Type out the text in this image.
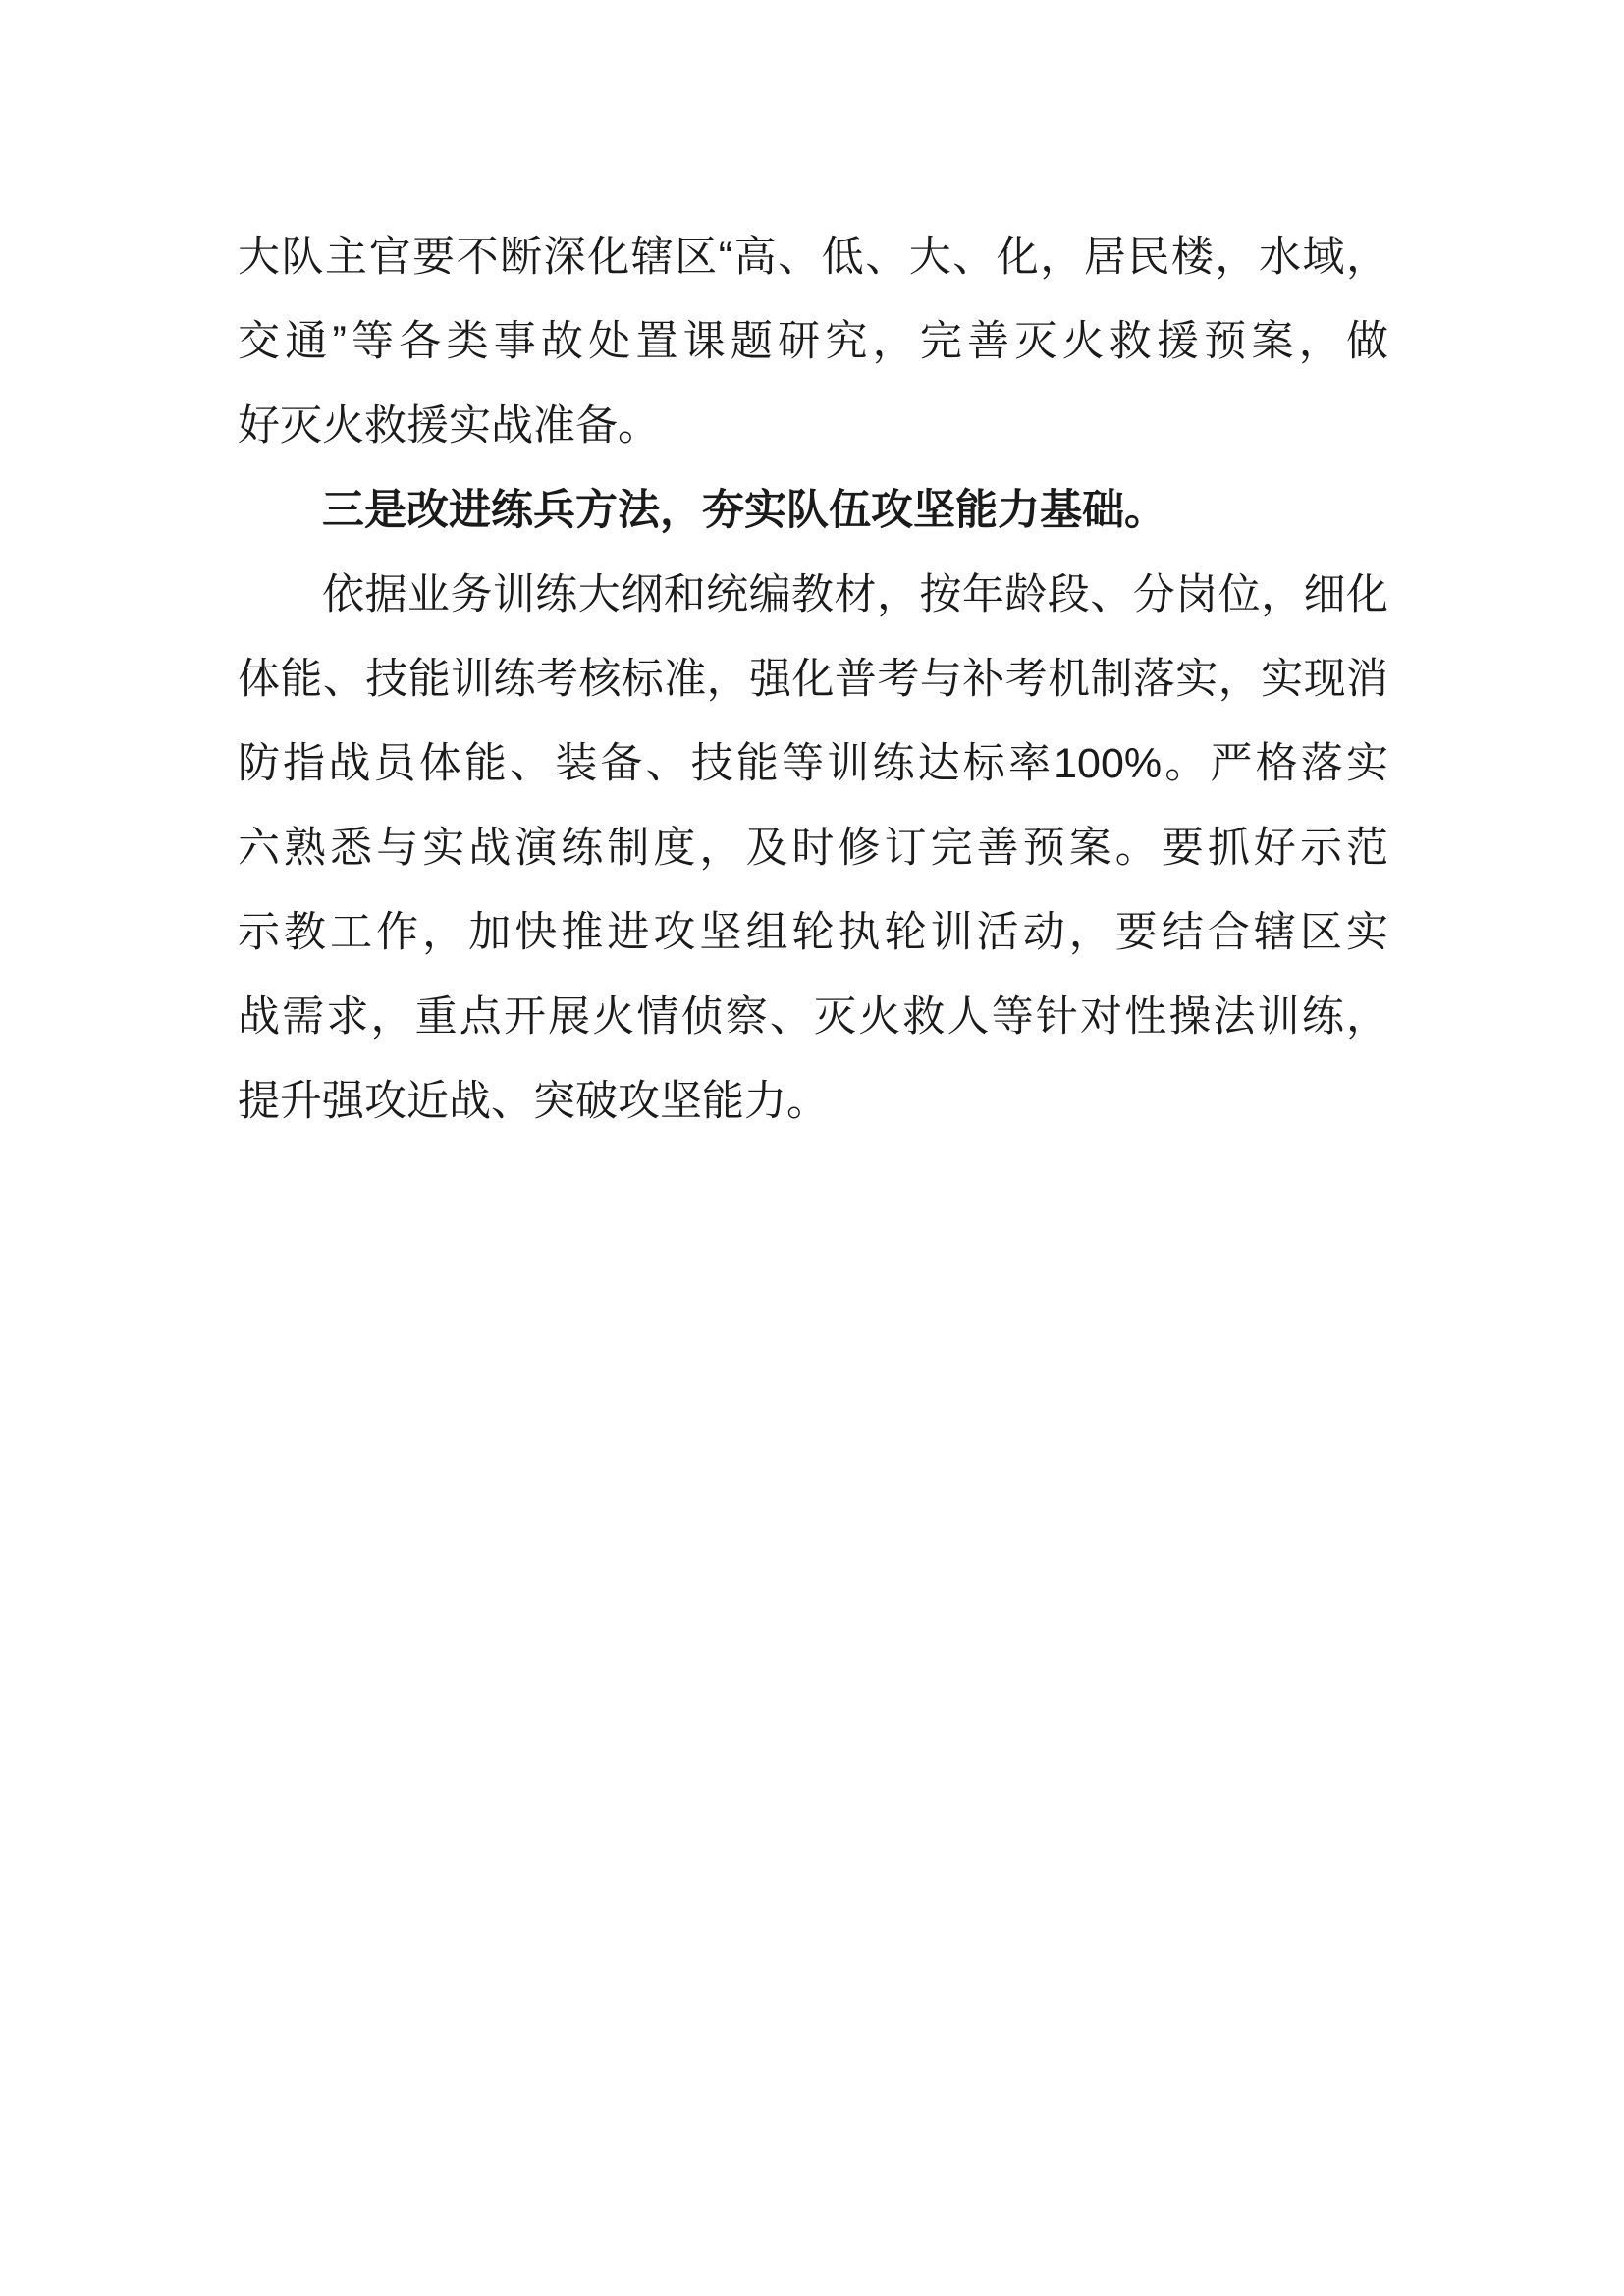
大队主官要不断深化辖区“高、低、大、化，居民楼，水域，

交通”等各类事故处置课题研究，完善灭火救援预案，做

好灭火救援实战准备。

三是改进练兵方法，夯实队伍攻坚能力基础。

依据业务训练大纲和统编教材，按年龄段、分岗位，细化

体能、技能训练考核标准，强化普考与补考机制落实，实现消

防指战员体能、装备、技能等训练达标率100%。严格落实

六熟悉与实战演练制度，及时修订完善预案。要抓好示范

示教工作，加快推进攻坚组轮执轮训活动，要结合辖区实

战需求，重点开展火情侦察、灭火救人等针对性操法训练，

提升强攻近战、突破攻坚能力。
